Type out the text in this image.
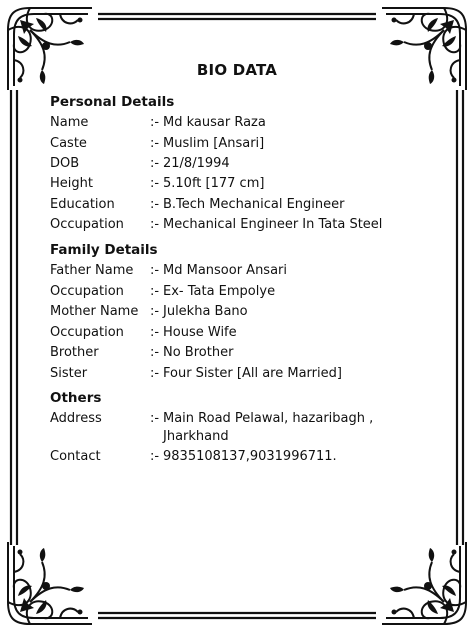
BIO DATA
Personal Details
Name	:- Md kausar Raza
Caste	:- Muslim [Ansari]
DOB	:- 21/8/1994
Height	:- 5.10ft [177 cm]
Education	:- B.Tech Mechanical Engineer
Occupation :- Mechanical Engineer In Tata Steel
Family Details
Father Name :- Md Mansoor Ansari
Occupation :- Ex- Tata Empolye
Mother Name :- Julekha Bano
Occupation :- House Wife
Brother	:- No Brother
Sister	:- Four Sister [All are Married]
Others
Address	:- Main Road Pelawal, hazaribagh ,
Jharkhand
Contact	:- 9835108137,9031996711.
